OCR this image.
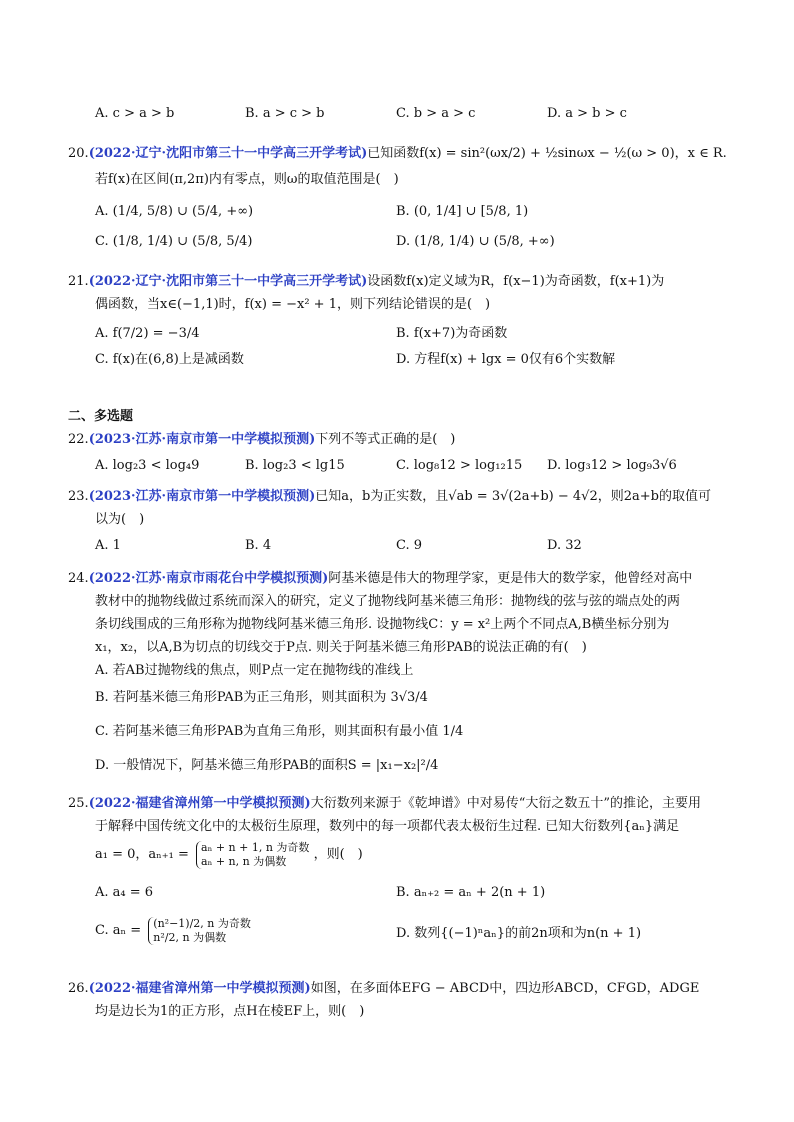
A. c > a > b	B. a > c > b	C. b > a > c	D. a > b > c
20.(2022·辽宁·沈阳市第三十一中学高三开学考试)已知函数f(x) = sin²(ωx/2) + ½sinωx − ½(ω > 0)，x ∈ R.
若f(x)在区间(π,2π)内有零点，则ω的取值范围是(　)
A. (1/4, 5/8) ∪ (5/4, +∞)	B. (0, 1/4] ∪ [5/8, 1)
C. (1/8, 1/4) ∪ (5/8, 5/4)	D. (1/8, 1/4) ∪ (5/8, +∞)
21.(2022·辽宁·沈阳市第三十一中学高三开学考试)设函数f(x)定义域为R，f(x−1)为奇函数，f(x+1)为
偶函数，当x∈(−1,1)时，f(x) = −x² + 1，则下列结论错误的是(　)
A. f(7/2) = −3/4	B. f(x+7)为奇函数
C. f(x)在(6,8)上是减函数	D. 方程f(x) + lgx = 0仅有6个实数解
二、多选题
22.(2023·江苏·南京市第一中学模拟预测)下列不等式正确的是(　)
A. log₂3 < log₄9	B. log₂3 < lg15	C. log₈12 > log₁₂15 D. log₃12 > log₉3√6
23.(2023·江苏·南京市第一中学模拟预测)已知a，b为正实数，且√ab = 3√(2a+b) − 4√2，则2a+b的取值可
以为(　)
A. 1	B. 4	C. 9	D. 32
24.(2022·江苏·南京市雨花台中学模拟预测)阿基米德是伟大的物理学家，更是伟大的数学家，他曾经对高中
教材中的抛物线做过系统而深入的研究，定义了抛物线阿基米德三角形：抛物线的弦与弦的端点处的两
条切线围成的三角形称为抛物线阿基米德三角形. 设抛物线C：y = x²上两个不同点A,B横坐标分别为
x₁，x₂，以A,B为切点的切线交于P点. 则关于阿基米德三角形PAB的说法正确的有(　)
A. 若AB过抛物线的焦点，则P点一定在抛物线的准线上
B. 若阿基米德三角形PAB为正三角形，则其面积为 3√3/4
C. 若阿基米德三角形PAB为直角三角形，则其面积有最小值 1/4
D. 一般情况下，阿基米德三角形PAB的面积S = |x₁−x₂|²/4
25.(2022·福建省漳州第一中学模拟预测)大衍数列来源于《乾坤谱》中对易传“大衍之数五十”的推论，主要用
于解释中国传统文化中的太极衍生原理，数列中的每一项都代表太极衍生过程. 已知大衍数列{aₙ}满足
a₁ = 0，aₙ₊₁ = aₙ + n + 1, n 为奇数
aₙ + n, n 为偶数	，则(　)
A. a₄ = 6	B. aₙ₊₂ = aₙ + 2(n + 1)
C. aₙ = (n²−1)/2, n 为奇数
n²/2, n 为偶数	D. 数列{(−1)ⁿaₙ}的前2n项和为n(n + 1)
26.(2022·福建省漳州第一中学模拟预测)如图，在多面体EFG − ABCD中，四边形ABCD，CFGD，ADGE
均是边长为1的正方形，点H在棱EF上，则(　)
